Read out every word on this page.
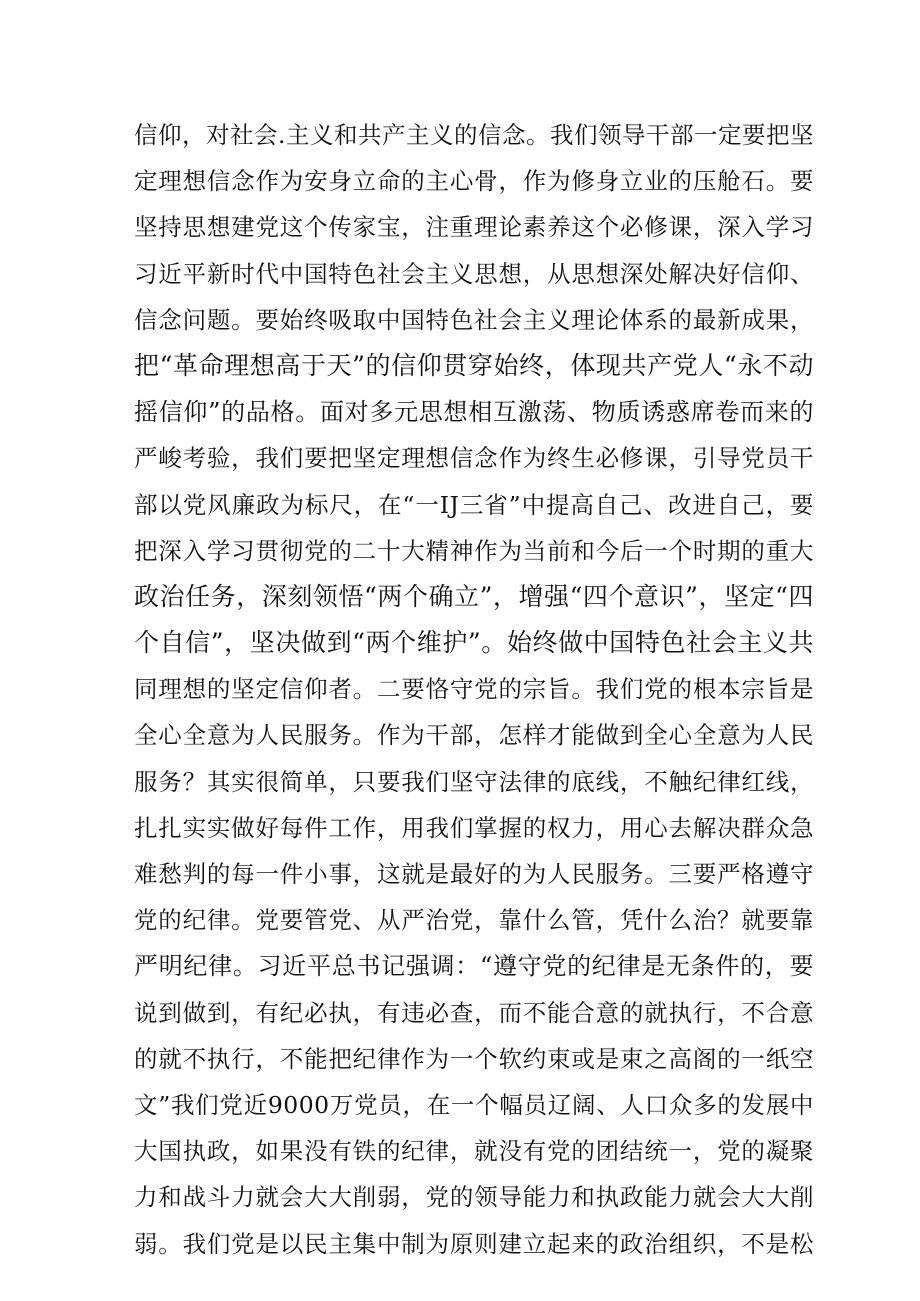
信仰，对社会.主义和共产主义的信念。我们领导干部一定要把坚
定理想信念作为安身立命的主心骨，作为修身立业的压舱石。要
坚持思想建党这个传家宝，注重理论素养这个必修课，深入学习
习近平新时代中国特色社会主义思想，从思想深处解决好信仰、
信念问题。要始终吸取中国特色社会主义理论体系的最新成果，
把“革命理想高于天”的信仰贯穿始终，体现共产党人“永不动
摇信仰”的品格。面对多元思想相互激荡、物质诱惑席卷而来的
严峻考验，我们要把坚定理想信念作为终生必修课，引导党员干
部以党风廉政为标尺，在“一IJ三省”中提高自己、改进自己，要
把深入学习贯彻党的二十大精神作为当前和今后一个时期的重大
政治任务，深刻领悟“两个确立”，增强“四个意识”，坚定“四
个自信”，坚决做到“两个维护”。始终做中国特色社会主义共
同理想的坚定信仰者。二要恪守党的宗旨。我们党的根本宗旨是
全心全意为人民服务。作为干部，怎样才能做到全心全意为人民
服务？其实很简单，只要我们坚守法律的底线，不触纪律红线，
扎扎实实做好每件工作，用我们掌握的权力，用心去解决群众急
难愁判的每一件小事，这就是最好的为人民服务。三要严格遵守
党的纪律。党要管党、从严治党，靠什么管，凭什么治？就要靠
严明纪律。习近平总书记强调：“遵守党的纪律是无条件的，要
说到做到，有纪必执，有违必查，而不能合意的就执行，不合意
的就不执行，不能把纪律作为一个软约束或是束之高阁的一纸空
文”我们党近9000万党员，在一个幅员辽阔、人口众多的发展中
大国执政，如果没有铁的纪律，就没有党的团结统一，党的凝聚
力和战斗力就会大大削弱，党的领导能力和执政能力就会大大削
弱。我们党是以民主集中制为原则建立起来的政治组织，不是松
